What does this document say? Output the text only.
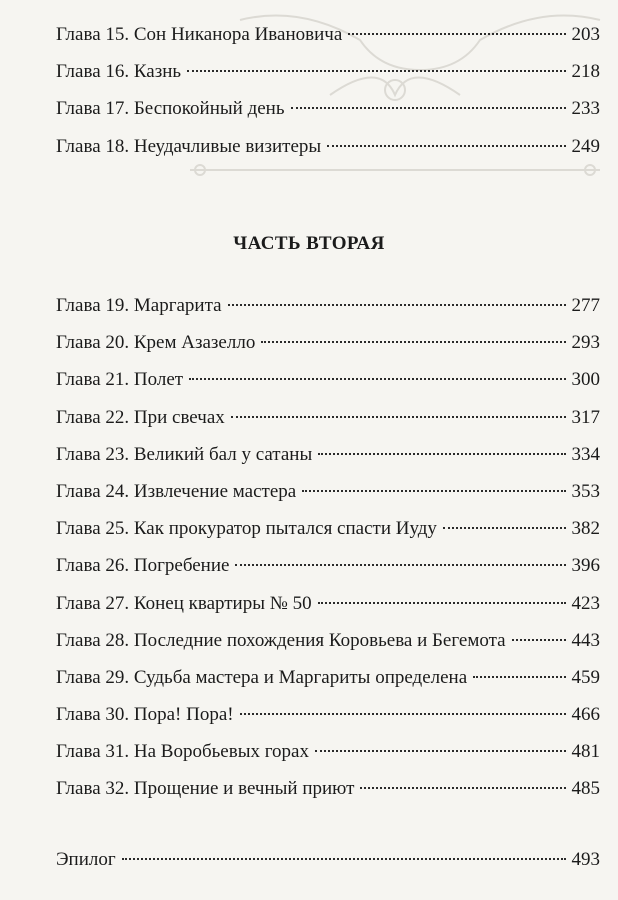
Глава 15. Сон Никанора Ивановича	203
Глава 16. Казнь	218
Глава 17. Беспокойный день	233
Глава 18. Неудачливые визитеры	249
ЧАСТЬ ВТОРАЯ
Глава 19. Маргарита	277
Глава 20. Крем Азазелло	293
Глава 21. Полет	300
Глава 22. При свечах	317
Глава 23. Великий бал у сатаны	334
Глава 24. Извлечение мастера	353
Глава 25. Как прокуратор пытался спасти Иуду	382
Глава 26. Погребение	396
Глава 27. Конец квартиры № 50	423
Глава 28. Последние похождения Коровьева и Бегемота	443
Глава 29. Судьба мастера и Маргариты определена	459
Глава 30. Пора! Пора!	466
Глава 31. На Воробьевых горах	481
Глава 32. Прощение и вечный приют	485
Эпилог	493
